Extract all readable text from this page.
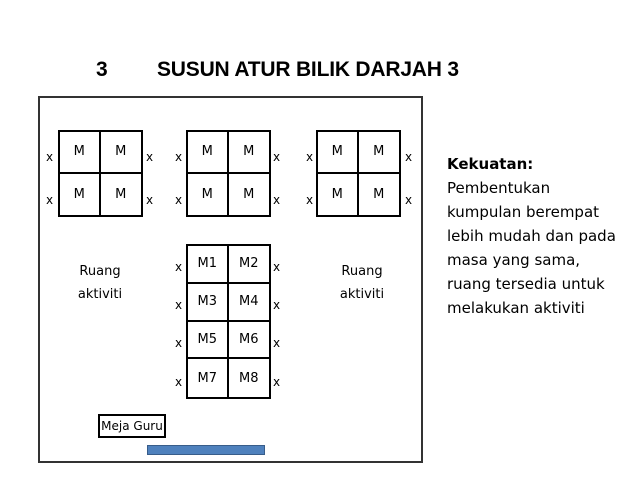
3 SUSUN ATUR BILIK DARJAH 3
M	M
M	M
x
x
x
x
M	M
M	M
x
x
x
x
M	M
M	M
x
x
x
x
M1	M2
M3	M4
M5	M6
M7	M8
x
x
x
x
x
x
x
x
Ruang
aktiviti
Ruang
aktiviti
Meja Guru
Kekuatan:
Pembentukan kumpulan berempat lebih mudah dan pada masa yang sama, ruang tersedia untuk melakukan aktiviti
